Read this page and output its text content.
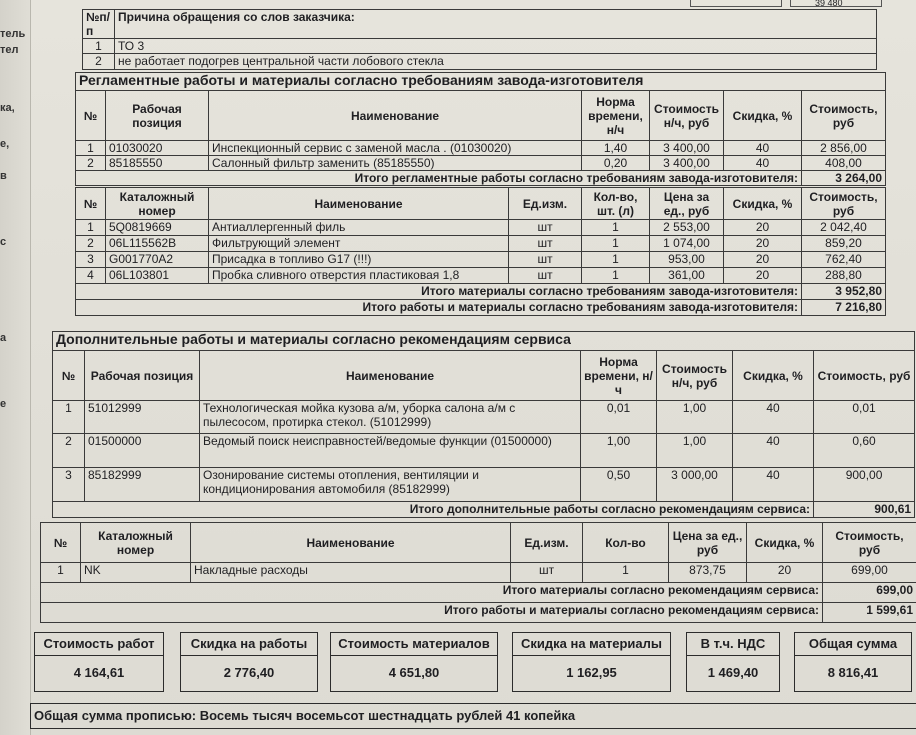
тель
тел
ка,
е,
в
с
а
е
39 480
№п/п	Причина обращения со слов заказчика:
1	ТО 3
2	не работает подогрев центральной части лобового стекла
Регламентные работы и материалы согласно требованиям завода-изготовителя						
№	Рабочая позиция	Наименование	Норма времени, н/ч	Стоимость н/ч, руб	Скидка, %	Стоимость, руб
1	01030020	Инспекционный сервис с заменой масла . (01030020)	1,40	3 400,00	40	2 856,00
2	85185550	Салонный фильтр заменить (85185550)	0,20	3 400,00	40	408,00
Итого регламентные работы согласно требованиям завода-изготовителя:						3 264,00
№	Каталожный номер	Наименование	Ед.изм.	Кол-во, шт. (л)	Цена за ед., руб	Скидка, %	Стоимость, руб
1	5Q0819669	Антиаллергенный филь	шт	1	2 553,00	20	2 042,40
2	06L115562B	Фильтрующий элемент	шт	1	1 074,00	20	859,20
3	G001770A2	Присадка в топливо G17 (!!!)	шт	1	953,00	20	762,40
4	06L103801	Пробка сливного отверстия пластиковая 1,8	шт	1	361,00	20	288,80
Итого материалы согласно требованиям завода-изготовителя:							3 952,80
Итого работы и материалы согласно требованиям завода-изготовителя:							7 216,80
Дополнительные работы и материалы согласно рекомендациям сервиса						
№	Рабочая позиция	Наименование	Норма времени, н/ч	Стоимость н/ч, руб	Скидка, %	Стоимость, руб
1	51012999	Технологическая мойка кузова а/м, уборка салона а/м с пылесосом, протирка стекол. (51012999)	0,01	1,00	40	0,01
2	01500000	Ведомый поиск неисправностей/ведомые функции (01500000)	1,00	1,00	40	0,60
3	85182999	Озонирование системы отопления, вентиляции и кондиционирования автомобиля (85182999)	0,50	3 000,00	40	900,00
Итого дополнительные работы согласно рекомендациям сервиса:						900,61
№	Каталожный номер	Наименование	Ед.изм.	Кол-во	Цена за ед., руб	Скидка, %	Стоимость, руб
1	NK	Накладные расходы	шт	1	873,75	20	699,00
Итого материалы согласно рекомендациям сервиса:							699,00
Итого работы и материалы согласно рекомендациям сервиса:							1 599,61
Стоимость работ
4 164,61
Скидка на работы
2 776,40
Стоимость материалов
4 651,80
Скидка на материалы
1 162,95
В т.ч. НДС
1 469,40
Общая сумма
8 816,41
Общая сумма прописью: Восемь тысяч восемьсот шестнадцать рублей 41 копейка
